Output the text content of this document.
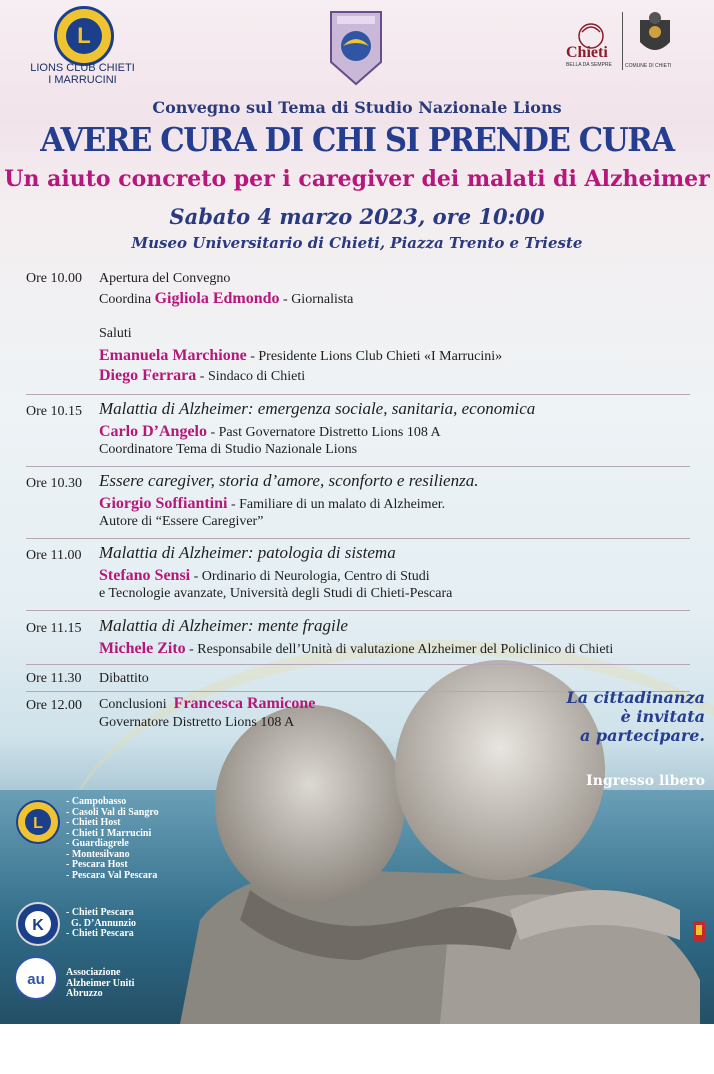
L
LIONS CLUB CHIETI
I MARRUCINI
Chieti
BELLA DA SEMPRE	COMUNE DI CHIETI
Convegno sul Tema di Studio Nazionale Lions
AVERE CURA DI CHI SI PRENDE CURA
Un aiuto concreto per i caregiver dei malati di Alzheimer
Sabato 4 marzo 2023, ore 10:00
Museo Universitario di Chieti, Piazza Trento e Trieste
Ore 10.00 Apertura del Convegno
Coordina Gigliola Edmondo - Giornalista
Saluti
Emanuela Marchione - Presidente Lions Club Chieti «I Marrucini»
Diego Ferrara - Sindaco di Chieti
Ore 10.15 Malattia di Alzheimer: emergenza sociale, sanitaria, economica
Carlo D’Angelo - Past Governatore Distretto Lions 108 A
Coordinatore Tema di Studio Nazionale Lions
Ore 10.30 Essere caregiver, storia d’amore, sconforto e resilienza.
Giorgio Soffiantini - Familiare di un malato di Alzheimer.
Autore di “Essere Caregiver”
Ore 11.00 Malattia di Alzheimer: patologia di sistema
Stefano Sensi - Ordinario di Neurologia, Centro di Studi
e Tecnologie avanzate, Università degli Studi di Chieti-Pescara
Ore 11.15 Malattia di Alzheimer: mente fragile
Michele Zito - Responsabile dell’Unità di valutazione Alzheimer del Policlinico di Chieti
Ore 11.30 Dibattito
Ore 12.00 Conclusioni Francesca Ramicone
Governatore Distretto Lions 108 A
La cittadinanza
è invitata
a partecipare.
Ingresso libero
L
- Campobasso
- Casoli Val di Sangro
- Chieti Host
- Chieti I Marrucini
- Guardiagrele
- Montesilvano
- Pescara Host
- Pescara Val Pescara
K
- Chieti Pescara
G. D’Annunzio
- Chieti Pescara
au Associazione
Alzheimer Uniti
Abruzzo
